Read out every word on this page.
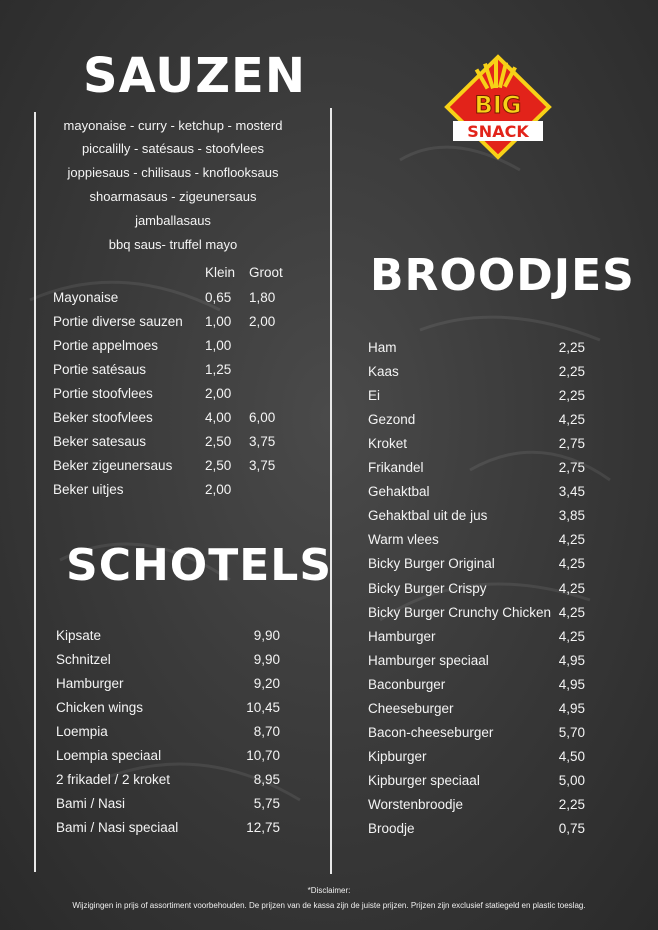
SAUZEN
mayonaise - curry - ketchup - mosterd
piccalilly - satésaus - stoofvlees
joppiesaus - chilisaus - knoflooksaus
shoarmasaus - zigeunersaus
jamballasaus
bbq saus- truffel mayo
Klein Groot
Mayonaise	0,65 1,80
Portie diverse sauzen 1,00 2,00
Portie appelmoes	1,00
Portie satésaus	1,25
Portie stoofvlees	2,00
Beker stoofvlees	4,00 6,00
Beker satesaus	2,50 3,75
Beker zigeunersaus 2,50 3,75
Beker uitjes	2,00
SCHOTELS
Kipsate	9,90
Schnitzel	9,90
Hamburger	9,20
Chicken wings	10,45
Loempia	8,70
Loempia speciaal	10,70
2 frikadel / 2 kroket	8,95
Bami / Nasi	5,75
Bami / Nasi speciaal	12,75
BROODJES
Ham	2,25
Kaas	2,25
Ei	2,25
Gezond	4,25
Kroket	2,75
Frikandel	2,75
Gehaktbal	3,45
Gehaktbal uit de jus	3,85
Warm vlees	4,25
Bicky Burger Original	4,25
Bicky Burger Crispy	4,25
Bicky Burger Crunchy Chicken 4,25
Hamburger	4,25
Hamburger speciaal	4,95
Baconburger	4,95
Cheeseburger	4,95
Bacon-cheeseburger	5,70
Kipburger	4,50
Kipburger speciaal	5,00
Worstenbroodje	2,25
Broodje	0,75
BIG
SNACK
*Disclaimer:
Wijzigingen in prijs of assortiment voorbehouden. De prijzen van de kassa zijn de juiste prijzen. Prijzen zijn exclusief statiegeld en plastic toeslag.
